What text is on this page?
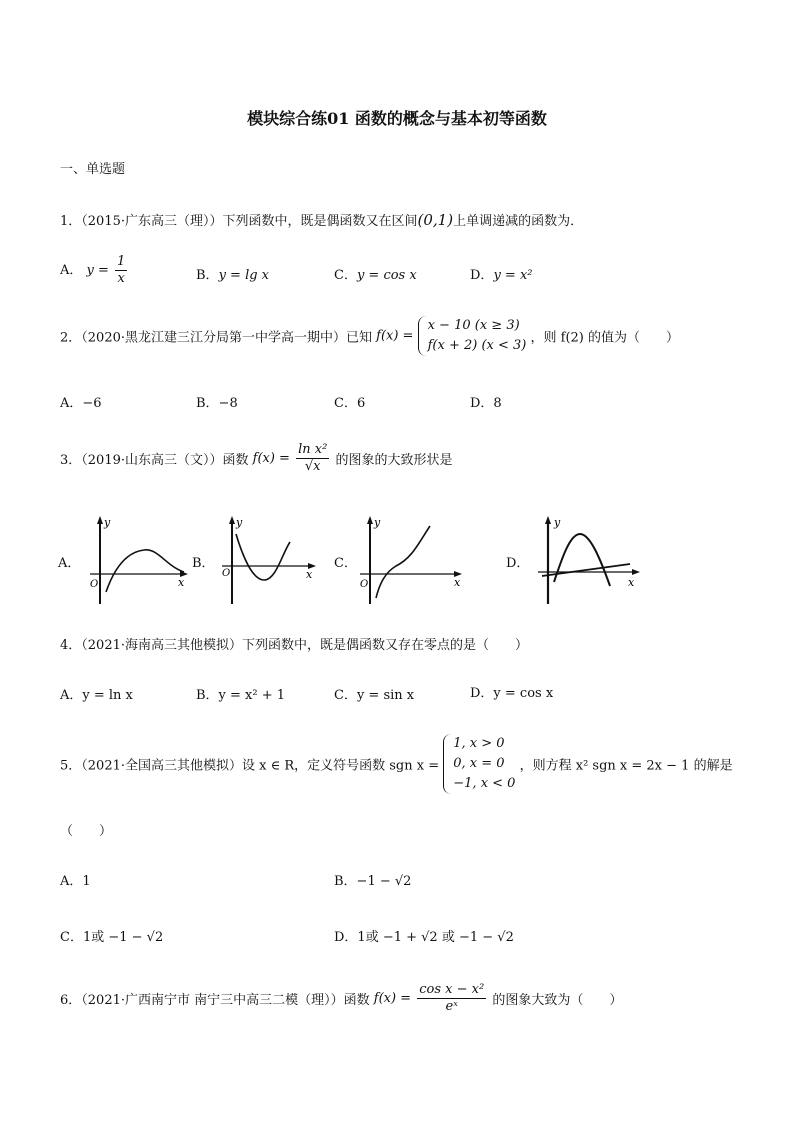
模块综合练01 函数的概念与基本初等函数
一、单选题
1．（2015·广东高三（理））下列函数中，既是偶函数又在区间(0,1)上单调递减的函数为．
A． $y = \frac{1}{x}$	B．y = lg x	C．y = cos x	D．y = x²
2．（2020·黑龙江建三江分局第一中学高一期中）已知 f(x) =
x − 10 (x ≥ 3)
f(x + 2) (x < 3) ，则 f(2) 的值为（　　）
A．−6	B．−8	C．6	D．8
3．（2019·山东高三（文））函数 $f(x) = \frac{\text{ln x²}}{√x}$ 的图象的大致形状是
A．	B．	C．	D．
y
O	x
y
O	x
y
O	x
y
x
4．（2021·海南高三其他模拟）下列函数中，既是偶函数又存在零点的是（　　）
A．y = ln x	B．y = x² + 1	C．y = sin x	D．y = cos x
5．（2021·全国高三其他模拟）设 x ∈ R，定义符号函数 sgn x =
1, x > 0
0, x = 0
−1, x < 0
，则方程 x² sgn x = 2x − 1 的解是
（　　）
A．1	B．−1 − √2
C．1或 −1 − √2	D．1或 −1 + √2 或 −1 − √2
6．（2021·广西南宁市 南宁三中高三二模（理））函数 $f(x) = \frac{\text{cos x − x²}}{\text{eˣ}}$ 的图象大致为（　　）
